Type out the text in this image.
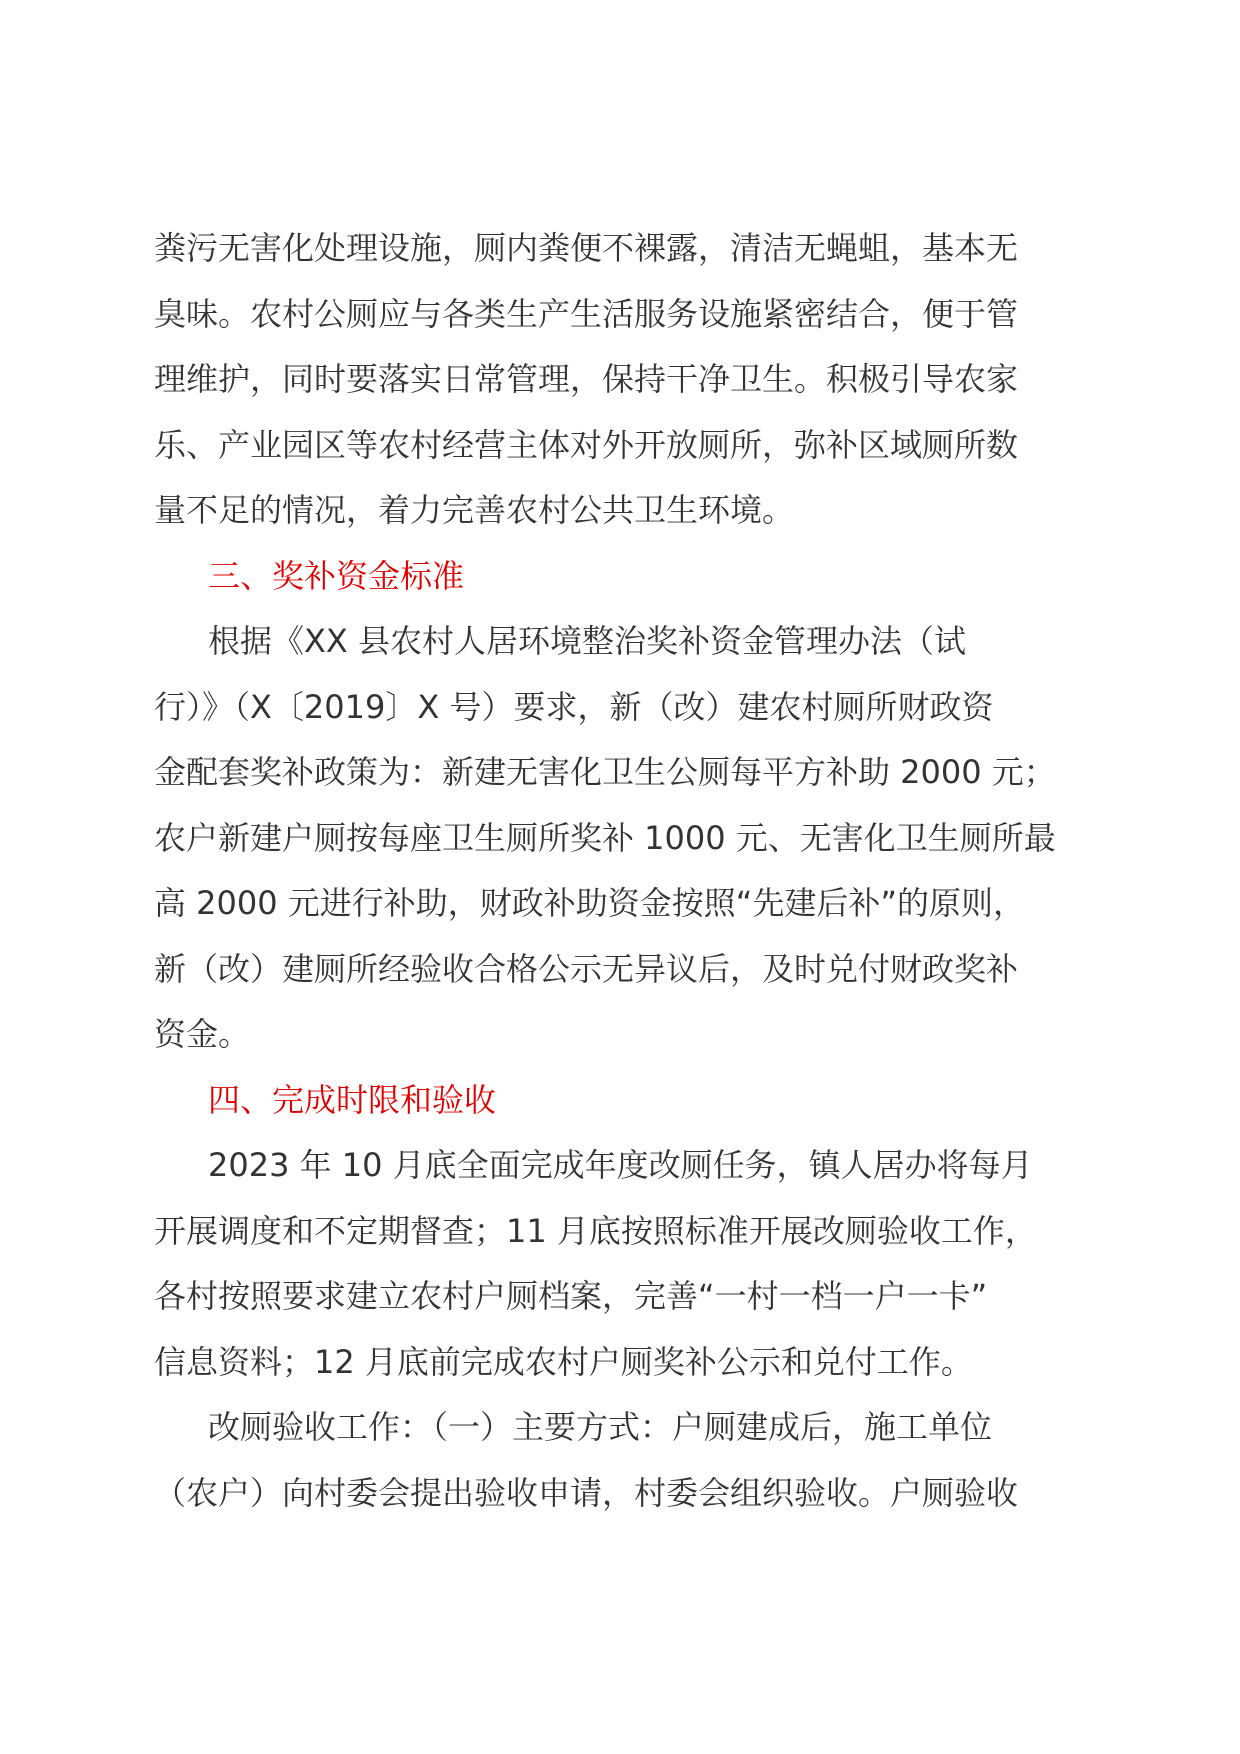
粪污无害化处理设施，厕内粪便不裸露，清洁无蝇蛆，基本无
臭味。农村公厕应与各类生产生活服务设施紧密结合，便于管
理维护，同时要落实日常管理，保持干净卫生。积极引导农家
乐、产业园区等农村经营主体对外开放厕所，弥补区域厕所数
量不足的情况，着力完善农村公共卫生环境。
三、奖补资金标准
根据《XX 县农村人居环境整治奖补资金管理办法（试
行）》（X〔2019〕X 号）要求，新（改）建农村厕所财政资
金配套奖补政策为：新建无害化卫生公厕每平方补助 2000 元；
农户新建户厕按每座卫生厕所奖补 1000 元、无害化卫生厕所最
高 2000 元进行补助，财政补助资金按照“先建后补”的原则，
新（改）建厕所经验收合格公示无异议后，及时兑付财政奖补
资金。
四、完成时限和验收
2023 年 10 月底全面完成年度改厕任务，镇人居办将每月
开展调度和不定期督查；11 月底按照标准开展改厕验收工作，
各村按照要求建立农村户厕档案，完善“一村一档一户一卡”
信息资料；12 月底前完成农村户厕奖补公示和兑付工作。
改厕验收工作：（一）主要方式：户厕建成后，施工单位
（农户）向村委会提出验收申请，村委会组织验收。户厕验收
